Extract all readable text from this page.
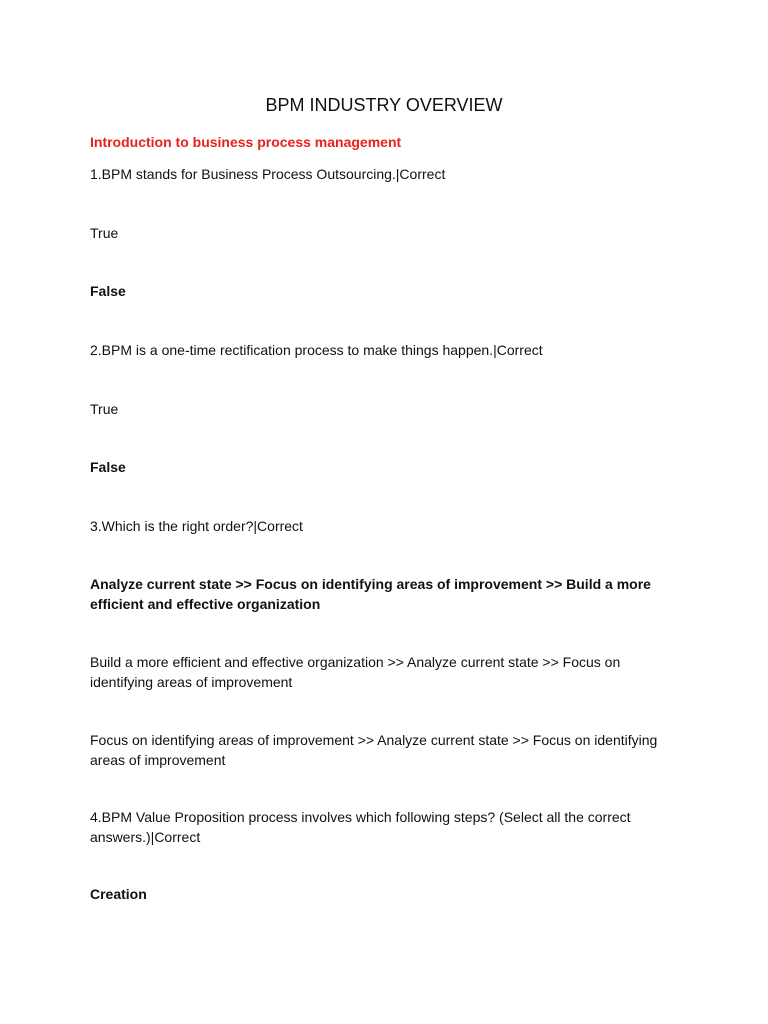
BPM INDUSTRY OVERVIEW
Introduction to business process management
1.BPM stands for Business Process Outsourcing.|Correct
True
False
2.BPM is a one-time rectification process to make things happen.|Correct
True
False
3.Which is the right order?|Correct
Analyze current state >> Focus on identifying areas of improvement >> Build a more efficient and effective organization
Build a more efficient and effective organization >> Analyze current state >> Focus on identifying areas of improvement
Focus on identifying areas of improvement >> Analyze current state >> Focus on identifying areas of improvement
4.BPM Value Proposition process involves which following steps? (Select all the correct answers.)|Correct
Creation
